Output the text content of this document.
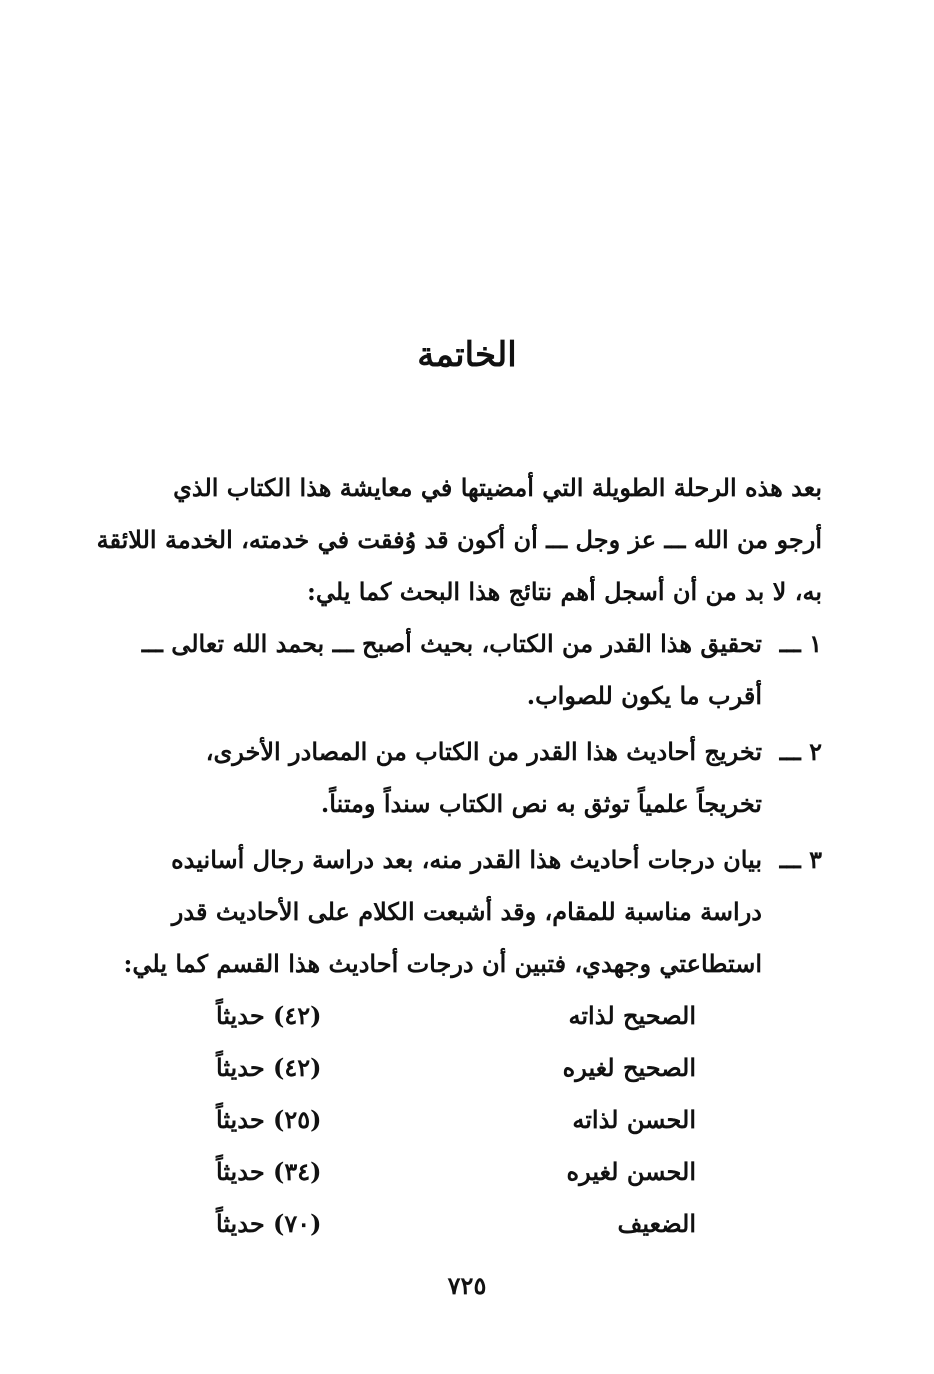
الخاتمة

بعد هذه الرحلة الطويلة التي أمضيتها في معايشة هذا الكتاب الذي
أرجو من الله ـــ عز وجل ـــ أن أكون قد وُفقت في خدمته، الخدمة اللائقة
به، لا بد من أن أسجل أهم نتائج هذا البحث كما يلي:

١ ـــ
تحقيق هذا القدر من الكتاب، بحيث أصبح ـــ بحمد الله تعالى ـــ
أقرب ما يكون للصواب.
٢ ـــ
تخريج أحاديث هذا القدر من الكتاب من المصادر الأخرى،
تخريجاً علمياً توثق به نص الكتاب سنداً ومتناً.
٣ ـــ
بيان درجات أحاديث هذا القدر منه، بعد دراسة رجال أسانيده
دراسة مناسبة للمقام، وقد أشبعت الكلام على الأحاديث قدر
استطاعتي وجهدي، فتبين أن درجات أحاديث هذا القسم كما يلي:
الصحيح لذاته
(٤٢) حديثاً
الصحيح لغيره
(٤٢) حديثاً
الحسن لذاته
(٢٥) حديثاً
الحسن لغيره
(٣٤) حديثاً
الضعيف
(٧٠) حديثاً
٧٢٥
